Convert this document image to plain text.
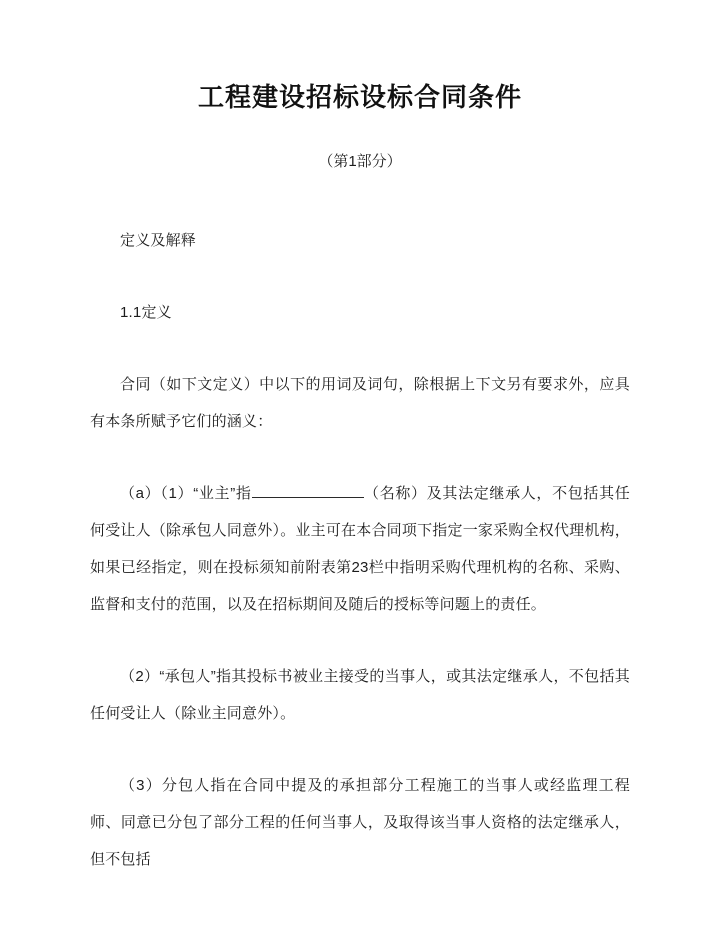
工程建设招标设标合同条件
（第1部分）
定义及解释
1.1定义

合同（如下文定义）中以下的用词及词句，除根据上下文另有要求外，应具有本条所赋予它们的涵义：

（a）（1）“业主”指	（名称）及其法定继承人，不包括其任何受让人（除承包人同意外）。业主可在本合同项下指定一家采购全权代理机构，如果已经指定，则在投标须知前附表第23栏中指明采购代理机构的名称、采购、监督和支付的范围，以及在招标期间及随后的授标等问题上的责任。

（2）“承包人”指其投标书被业主接受的当事人，或其法定继承人，不包括其任何受让人（除业主同意外）。

（3）分包人指在合同中提及的承担部分工程施工的当事人或经监理工程师、同意已分包了部分工程的任何当事人，及取得该当事人资格的法定继承人，但不包括
